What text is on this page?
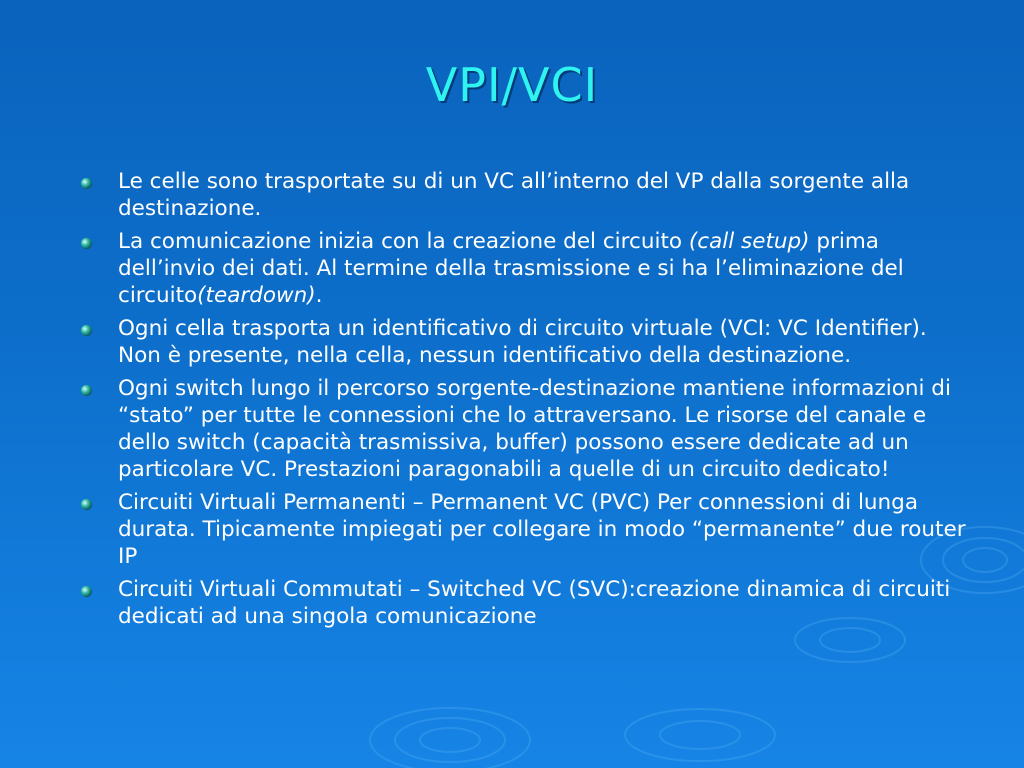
VPI/VCI
Le celle sono trasportate su di un VC all’interno del VP dalla sorgente alla destinazione.
La comunicazione inizia con la creazione del circuito (call setup) prima dell’invio dei dati. Al termine della trasmissione e si ha l’eliminazione del circuito(teardown).
Ogni cella trasporta un identificativo di circuito virtuale (VCI: VC Identifier). Non è presente, nella cella, nessun identificativo della destinazione.
Ogni switch lungo il percorso sorgente-destinazione mantiene informazioni di “stato” per tutte le connessioni che lo attraversano. Le risorse del canale e dello switch (capacità trasmissiva, buffer) possono essere dedicate ad un particolare VC. Prestazioni paragonabili a quelle di un circuito dedicato!
Circuiti Virtuali Permanenti – Permanent VC (PVC) Per connessioni di lunga durata. Tipicamente impiegati per collegare in modo “permanente” due router IP
Circuiti Virtuali Commutati – Switched VC (SVC):creazione dinamica di circuiti dedicati ad una singola comunicazione
